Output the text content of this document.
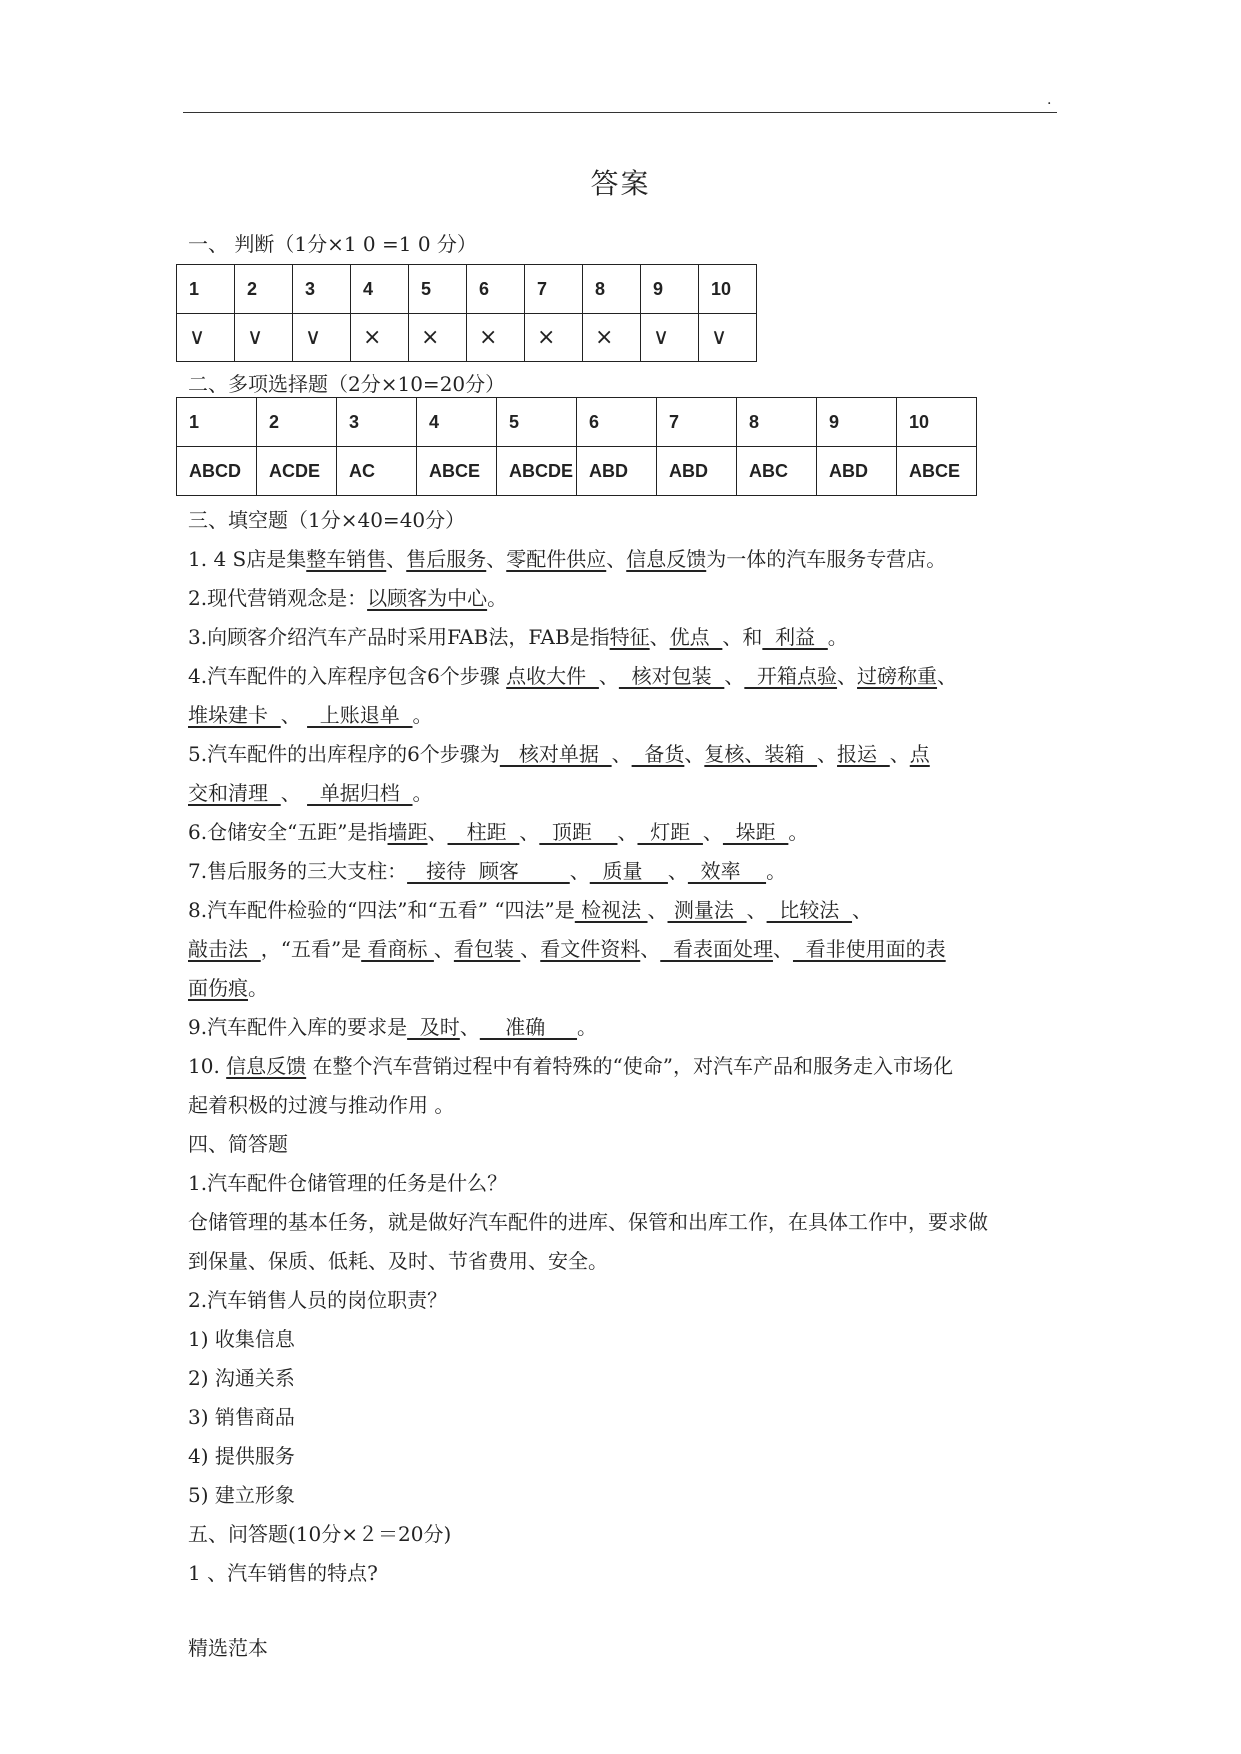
.
答案
一、 判断（1分×1 0 =1 0 分）
1	2	3	4	5	6	7	8	9	10
∨	∨	∨	×	×	×	×	×	∨	∨
二、多项选择题（2分×10=20分）
1	2	3	4	5	6	7	8	9	10
ABCD	ACDE	AC	ABCE	ABCDE	ABD	ABD	ABC	ABD	ABCE
三、填空题（1分×40=40分）
1. 4 S店是集整车销售、售后服务、零配件供应、信息反馈为一体的汽车服务专营店。
2.现代营销观念是：以顾客为中心。
3.向顾客介绍汽车产品时采用FAB法，FAB是指特征、优点  、和  利益  。
4.汽车配件的入库程序包含6个步骤 点收大件  、  核对包装  、  开箱点验、过磅称重、
堆垛建卡  、   上账退单  。
5.汽车配件的出库程序的6个步骤为   核对单据  、  备货、复核、装箱  、报运  、点
交和清理  、   单据归档  。
6.仓储安全“五距”是指墙距、   柱距  、  顶距    、  灯距  、  垛距  。
7.售后服务的三大支柱：   接待  顾客        、  质量    、  效率    。
8.汽车配件检验的“四法”和“五看” “四法”是 检视法 、 测量法  、  比较法  、
敲击法  ，“五看”是 看商标 、看包装 、看文件资料、  看表面处理、  看非使用面的表
面伤痕。
9.汽车配件入库的要求是  及时、    准确     。
10. 信息反馈 在整个汽车营销过程中有着特殊的“使命”，对汽车产品和服务走入市场化
起着积极的过渡与推动作用 。
四、简答题
1.汽车配件仓储管理的任务是什么？
仓储管理的基本任务，就是做好汽车配件的进库、保管和出库工作，在具体工作中，要求做
到保量、保质、低耗、及时、节省费用、安全。
2.汽车销售人员的岗位职责？
1) 收集信息
2) 沟通关系
3) 销售商品
4) 提供服务
5) 建立形象
五、问答题(10分×２＝20分)
1 、汽车销售的特点?
精选范本
